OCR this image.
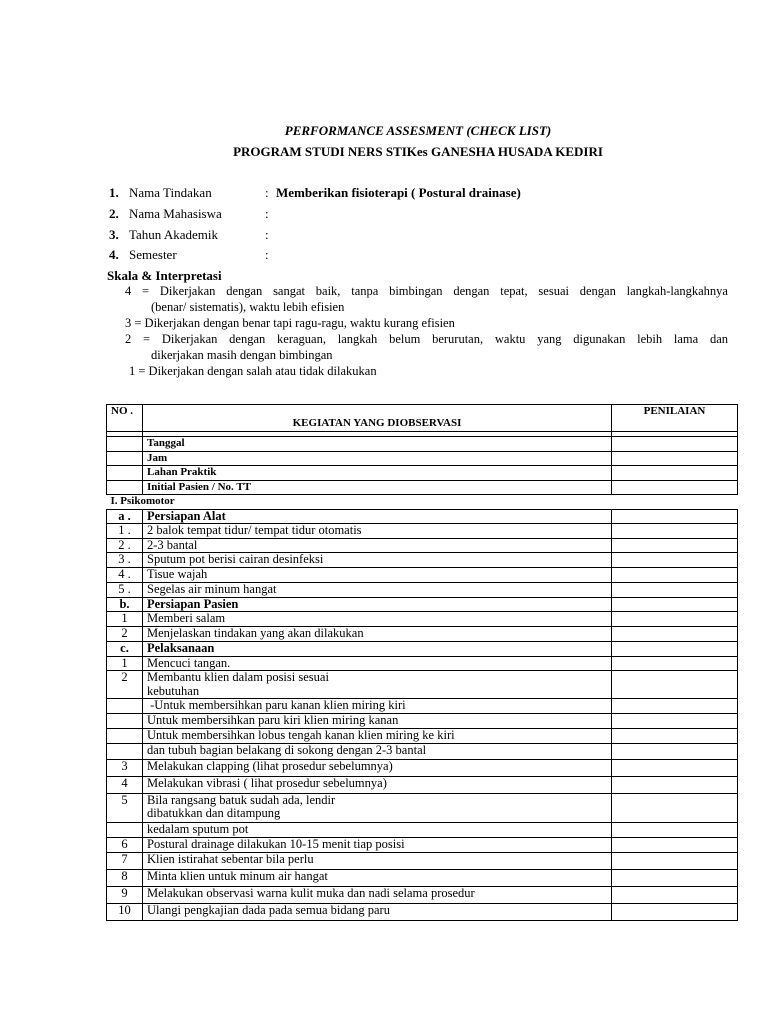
PERFORMANCE ASSESMENT (CHECK LIST)
PROGRAM STUDI NERS STIKes GANESHA HUSADA KEDIRI
1. Nama Tindakan	: Memberikan fisioterapi ( Postural drainase)
2. Nama Mahasiswa	:
3. Tahun Akademik	:
4. Semester	:
Skala & Interpretasi
4 = Dikerjakan dengan sangat baik, tanpa bimbingan dengan tepat, sesuai dengan langkah-langkahnya
(benar/ sistematis), waktu lebih efisien
3 = Dikerjakan dengan benar tapi ragu-ragu, waktu kurang efisien
2 = Dikerjakan dengan keraguan, langkah belum berurutan, waktu yang digunakan lebih lama dan
dikerjakan masih dengan bimbingan
1 = Dikerjakan dengan salah atau tidak dilakukan
NO .	KEGIATAN YANG DIOBSERVASI	PENILAIAN

	Tanggal	
	Jam	
	Lahan Praktik	
	Initial Pasien / No. TT	
I. Psikomotor		
a .	Persiapan Alat	

1 .	2 balok tempat tidur/ tempat tidur otomatis	

2 .	2-3 bantal	

3 .	Sputum pot berisi cairan desinfeksi	

4 .	Tisue wajah	

5 .	Segelas air minum hangat	

b.	Persiapan Pasien	

1	Memberi salam	

2	Menjelaskan tindakan yang akan dilakukan	

c.	Pelaksanaan	

1	Mencuci tangan.	

2	Membantu klien dalam posisi sesuai
kebutuhan	

	-Untuk membersihkan paru kanan klien miring kiri	

	Untuk membersihkan paru kiri klien miring kanan	

	Untuk membersihkan lobus tengah kanan klien miring ke kiri	

	dan tubuh bagian belakang di sokong dengan 2-3 bantal	

3	Melakukan clapping (lihat prosedur sebelumnya)	

4	Melakukan vibrasi ( lihat prosedur sebelumnya)	

5	Bila rangsang batuk sudah ada, lendir
dibatukkan dan ditampung	

	kedalam sputum pot	

6	Postural drainage dilakukan 10-15 menit tiap posisi	

7	Klien istirahat sebentar bila perlu	

8	Minta klien untuk minum air hangat	

9	Melakukan observasi warna kulit muka dan nadi selama prosedur	

10	Ulangi pengkajian dada pada semua bidang paru	
